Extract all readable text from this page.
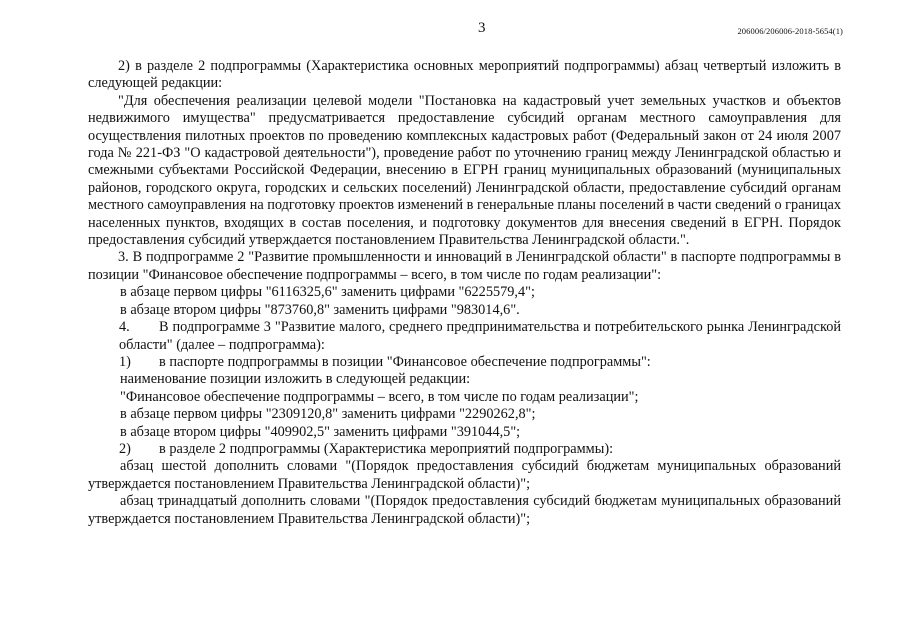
3	206006/206006-2018-5654(1)

2) в разделе 2 подпрограммы (Характеристика основных мероприятий подпрограммы) абзац четвертый изложить в следующей редакции:

"Для обеспечения реализации целевой модели "Постановка на кадастровый учет земельных участков и объектов недвижимого имущества" предусматривается предоставление субсидий органам местного самоуправления для осуществления пилотных проектов по проведению комплексных кадастровых работ (Федеральный закон от 24 июля 2007 года № 221-ФЗ "О кадастровой деятельности"), проведение работ по уточнению границ между Ленинградской областью и смежными субъектами Российской Федерации, внесению в ЕГРН границ муниципальных образований (муниципальных районов, городского округа, городских и сельских поселений) Ленинградской области, предоставление субсидий органам местного самоуправления на подготовку проектов изменений в генеральные планы поселений в части сведений о границах населенных пунктов, входящих в состав поселения, и подготовку документов для внесения сведений в ЕГРН. Порядок предоставления субсидий утверждается постановлением Правительства Ленинградской области.".

3. В подпрограмме 2 "Развитие промышленности и инноваций в Ленинградской области" в паспорте подпрограммы в позиции "Финансовое обеспечение подпрограммы – всего, в том числе по годам реализации":

в абзаце первом цифры "6116325,6" заменить цифрами "6225579,4";

в абзаце втором цифры "873760,8" заменить цифрами "983014,6".

4. В подпрограмме 3 "Развитие малого, среднего предпринимательства и потребительского рынка Ленинградской области" (далее – подпрограмма):

1) в паспорте подпрограммы в позиции "Финансовое обеспечение подпрограммы":

наименование позиции изложить в следующей редакции:

"Финансовое обеспечение подпрограммы – всего, в том числе по годам реализации";

в абзаце первом цифры "2309120,8" заменить цифрами "2290262,8";

в абзаце втором цифры "409902,5" заменить цифрами "391044,5";

2) в разделе 2 подпрограммы (Характеристика мероприятий подпрограммы):

абзац шестой дополнить словами "(Порядок предоставления субсидий бюджетам муниципальных образований утверждается постановлением Правительства Ленинградской области)";

абзац тринадцатый дополнить словами "(Порядок предоставления субсидий бюджетам муниципальных образований утверждается постановлением Правительства Ленинградской области)";
